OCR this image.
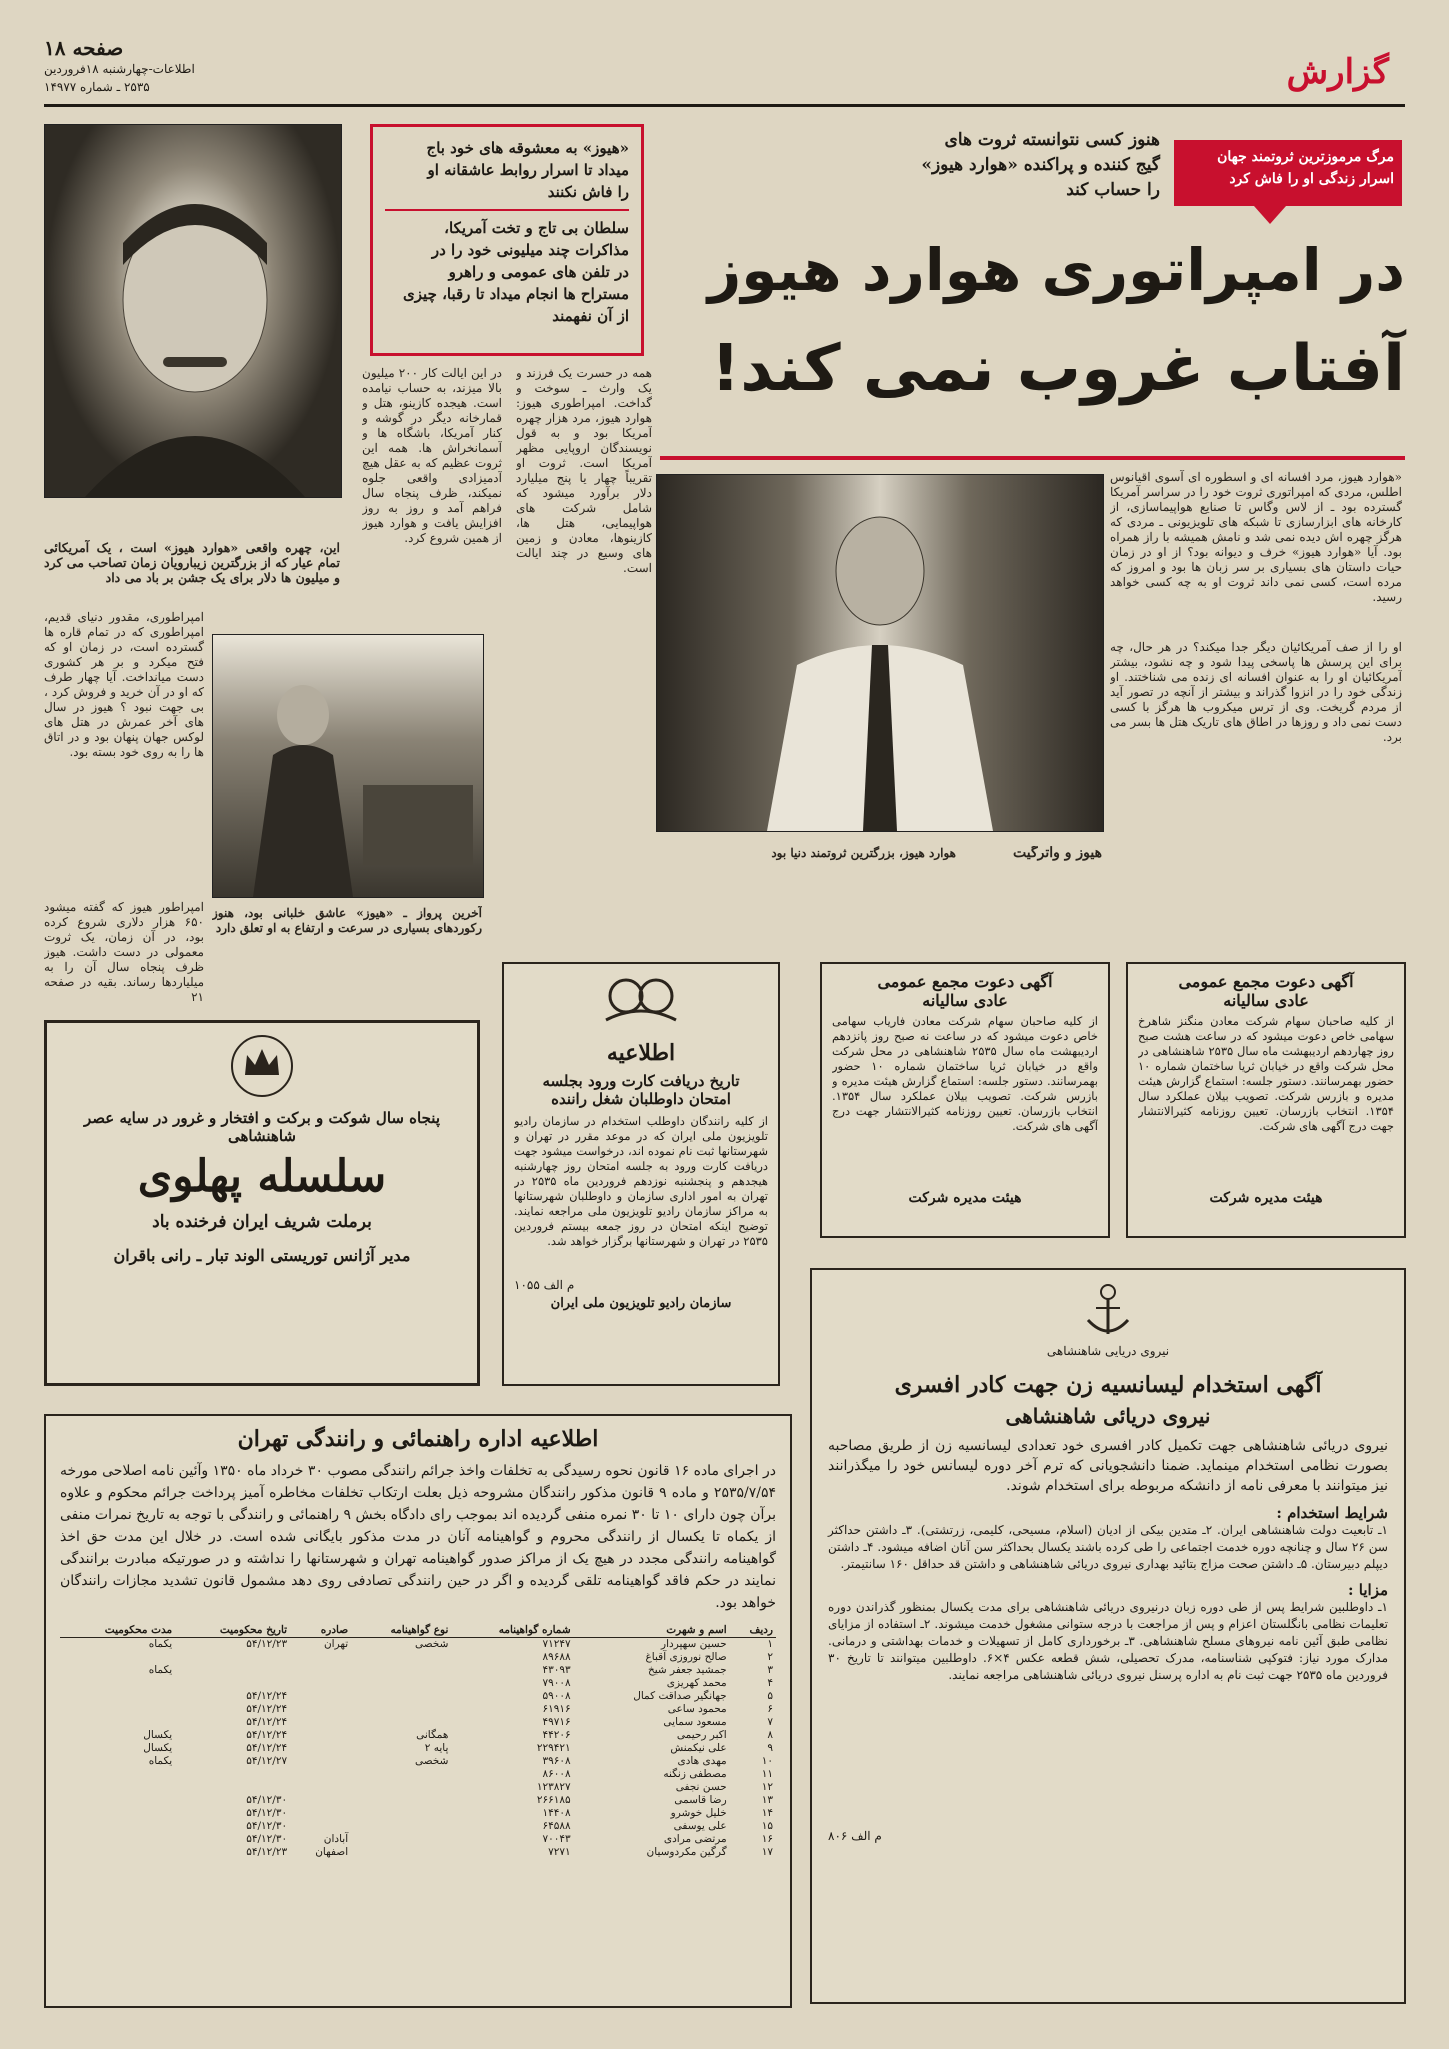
صفحه ۱۸
اطلاعات-چهارشنبه ۱۸فروردین
۲۵۳۵ ـ شماره ۱۴۹۷۷	گزارش
این، چهره واقعی «هوارد هیوز» است ، یک آمریکائی تمام عیار که از بزرگترین زیبارویان زمان تصاحب می کرد و میلیون ها دلار برای یک جشن بر باد می داد
«هیوز» به معشوقه های خود باج
میداد تا اسرار روابط عاشقانه او
را فاش نکنند
سلطان بی تاج و تخت آمریکا،
مذاکرات چند میلیونی خود را در
در تلفن های عمومی و راهرو
مستراح ها انجام میداد تا رقبا، چیزی
از آن نفهمند
مرگ مرموزترین ثروتمند جهان
اسرار زندگی او را فاش کرد
هنوز کسی نتوانسته ثروت های
گیج کننده و پراکنده «هوارد هیوز»
را حساب کند
در امپراتوری هوارد هیوز
آفتاب غروب نمی کند!
در این ایالت کار ۲۰۰ میلیون بالا میزند، به حساب نیامده است. هیجده کازینو، هتل و قمارخانه دیگر در گوشه و کنار آمریکا، باشگاه ها و آسمانخراش ها. همه این ثروت عظیم که به عقل هیچ آدمیزادی واقعی جلوه نمیکند، ظرف پنجاه سال فراهم آمد و روز به روز افزایش یافت و هوارد هیوز از همین شروع کرد.
همه در حسرت یک فرزند و یک وارث ـ سوخت و گداخت. امپراطوری هیوز: هوارد هیوز، مرد هزار چهره آمریکا بود و به قول نویسندگان اروپایی مظهر آمریکا است. ثروت او تقریباً چهار یا پنج میلیارد دلار برآورد میشود که شامل شرکت های هواپیمایی، هتل ها، کازینوها، معادن و زمین های وسیع در چند ایالت است.
«هوارد هیوز، مرد افسانه ای و اسطوره ای آسوی اقیانوس اطلس، مردی که امپراتوری ثروت خود را در سراسر آمریکا گسترده بود ـ از لاس وگاس تا صنایع هواپیماسازی، از کارخانه های ابزارسازی تا شبکه های تلویزیونی ـ مردی که هرگز چهره اش دیده نمی شد و نامش همیشه با راز همراه بود. آیا «هوارد هیوز» خرف و دیوانه بود؟ از او در زمان حیات داستان های بسیاری بر سر زبان ها بود و امروز که مرده است، کسی نمی داند ثروت او به چه کسی خواهد رسید.
او را از صف آمریکائیان دیگر جدا میکند؟ در هر حال، چه برای این پرسش ها پاسخی پیدا شود و چه نشود، بیشتر آمریکائیان او را به عنوان افسانه ای زنده می شناختند. او زندگی خود را در انزوا گذراند و بیشتر از آنچه در تصور آید از مردم گریخت. وی از ترس میکروب ها هرگز با کسی دست نمی داد و روزها در اطاق های تاریک هتل ها بسر می برد.
امپراطوری، مقدور دنیای قدیم، امپراطوری که در تمام قاره ها گسترده است، در زمان او که فتح میکرد و بر هر کشوری دست میانداخت. آیا چهار طرف که او در آن خرید و فروش کرد ، بی جهت نبود ؟ هیوز در سال های آخر عمرش در هتل های لوکس جهان پنهان بود و در اتاق ها را به روی خود بسته بود.
آخرین پرواز ـ «هیوز» عاشق خلبانی بود، هنوز رکوردهای بسیاری در سرعت و ارتفاع به او تعلق دارد
هیوز و واترگیت
هوارد هیوز، بزرگترین ثروتمند دنیا بود
امپراطور هیوز که گفته میشود ۶۵۰ هزار دلاری شروع کرده بود، در آن زمان، یک ثروت معمولی در دست داشت. هیوز ظرف پنجاه سال آن را به میلیاردها رساند. بقیه در صفحه ۲۱
آگهی دعوت مجمع عمومی
عادی سالیانه
از کلیه صاحبان سهام شرکت معادن منگنز شاهرخ سهامی خاص دعوت میشود که در ساعت هشت صبح روز چهاردهم اردیبهشت ماه سال ۲۵۳۵ شاهنشاهی در محل شرکت واقع در خیابان ثریا ساختمان شماره ۱۰ حضور بهمرسانند. دستور جلسه: استماع گزارش هیئت مدیره و بازرس شرکت. تصویب بیلان عملکرد سال ۱۳۵۴. انتخاب بازرسان. تعیین روزنامه کثیرالانتشار جهت درج آگهی های شرکت.
هیئت مدیره شرکت
آگهی دعوت مجمع عمومی
عادی سالیانه
از کلیه صاحبان سهام شرکت معادن فاریاب سهامی خاص دعوت میشود که در ساعت نه صبح روز پانزدهم اردیبهشت ماه سال ۲۵۳۵ شاهنشاهی در محل شرکت واقع در خیابان ثریا ساختمان شماره ۱۰ حضور بهمرسانند. دستور جلسه: استماع گزارش هیئت مدیره و بازرس شرکت. تصویب بیلان عملکرد سال ۱۳۵۴. انتخاب بازرسان. تعیین روزنامه کثیرالانتشار جهت درج آگهی های شرکت.
هیئت مدیره شرکت
اطلاعیه
تاریخ دریافت کارت ورود بجلسه
امتحان داوطلبان شغل راننده
از کلیه رانندگان داوطلب استخدام در سازمان رادیو تلویزیون ملی ایران که در موعد مقرر در تهران و شهرستانها ثبت نام نموده اند، درخواست میشود جهت دریافت کارت ورود به جلسه امتحان روز چهارشنبه هیجدهم و پنجشنبه نوزدهم فروردین ماه ۲۵۳۵ در تهران به امور اداری سازمان و داوطلبان شهرستانها به مراکز سازمان رادیو تلویزیون ملی مراجعه نمایند. توضیح اینکه امتحان در روز جمعه بیستم فروردین ۲۵۳۵ در تهران و شهرستانها برگزار خواهد شد.
م الف ۱۰۵۵
سازمان رادیو تلویزیون ملی ایران
پنجاه سال شوکت و برکت و افتخار و غرور در سایه عصر شاهنشاهی
سلسله پهلوی
برملت شریف ایران فرخنده باد
مدیر آژانس توریستی الوند تبار ـ رانی باقران
نیروی دریایی شاهنشاهی
آگهی استخدام لیسانسیه زن جهت کادر افسری
نیروی دریائی شاهنشاهی
نیروی دریائی شاهنشاهی جهت تکمیل کادر افسری خود تعدادی لیسانسیه زن از طریق مصاحبه بصورت نظامی استخدام مینماید. ضمنا دانشجویانی که ترم آخر دوره لیسانس خود را میگذرانند نیز میتوانند با معرفی نامه از دانشکه مربوطه برای استخدام شوند.
شرایط استخدام :
۱ـ تابعیت دولت شاهنشاهی ایران. ۲ـ متدین بیکی از ادیان (اسلام، مسیحی، کلیمی، زرتشتی). ۳ـ داشتن حداکثر سن ۲۶ سال و چنانچه دوره خدمت اجتماعی را طی کرده باشند یکسال بحداکثر سن آنان اضافه میشود. ۴ـ داشتن دیپلم دبیرستان. ۵ـ داشتن صحت مزاج بتائید بهداری نیروی دریائی شاهنشاهی و داشتن قد حداقل ۱۶۰ سانتیمتر.
مزایا :
۱ـ داوطلبین شرایط پس از طی دوره زبان درنیروی دریائی شاهنشاهی برای مدت یکسال بمنظور گذراندن دوره تعلیمات نظامی بانگلستان اعزام و پس از مراجعت با درجه ستوانی مشغول خدمت میشوند. ۲ـ استفاده از مزایای نظامی طبق آئین نامه نیروهای مسلح شاهنشاهی. ۳ـ برخورداری کامل از تسهیلات و خدمات بهداشتی و درمانی. مدارک مورد نیاز: فتوکپی شناسنامه، مدرک تحصیلی، شش قطعه عکس ۴×۶. داوطلبین میتوانند تا تاریخ ۳۰ فروردین ماه ۲۵۳۵ جهت ثبت نام به اداره پرسنل نیروی دریائی شاهنشاهی مراجعه نمایند.
م الف ۸۰۶
اطلاعیه اداره راهنمائی و رانندگی تهران
در اجرای ماده ۱۶ قانون نحوه رسیدگی به تخلفات واخذ جرائم رانندگی مصوب ۳۰ خرداد ماه ۱۳۵۰ وآئین نامه اصلاحی مورخه ۲۵۳۵/۷/۵۴ و ماده ۹ قانون مذکور رانندگان مشروحه ذیل بعلت ارتکاب تخلفات مخاطره آمیز پرداخت جرائم محکوم و علاوه برآن چون دارای ۱۰ تا ۳۰ نمره منفی گردیده اند بموجب رای دادگاه بخش ۹ راهنمائی و رانندگی با توجه به تاریخ نمرات منفی از یکماه تا یکسال از رانندگی محروم و گواهینامه آنان در مدت مذکور بایگانی شده است. در خلال این مدت حق اخذ گواهینامه رانندگی مجدد در هیچ یک از مراکز صدور گواهینامه تهران و شهرستانها را نداشته و در صورتیکه مبادرت برانندگی نمایند در حکم فاقد گواهینامه تلقی گردیده و اگر در حین رانندگی تصادفی روی دهد مشمول قانون تشدید مجازات رانندگان خواهد بود.
ردیف	اسم و شهرت	شماره گواهینامه	نوع گواهینامه	صادره	تاریخ محکومیت	مدت محکومیت
۱	حسین سهپردار	۷۱۲۴۷	شخصی	تهران	۵۴/۱۲/۲۳	یکماه
۲	صالح نوروزی آقباغ	۸۹۶۸۸				
۳	جمشید جعفر شیخ	۴۳۰۹۳				یکماه
۴	محمد کهریزی	۷۹۰۰۸				
۵	جهانگیر صداقت کمال	۵۹۰۰۸			۵۴/۱۲/۲۴	
۶	محمود ساعی	۶۱۹۱۶			۵۴/۱۲/۲۴	
۷	مسعود سمایی	۴۹۷۱۶			۵۴/۱۲/۲۴	
۸	اکبر رحیمی	۴۴۲۰۶	همگانی		۵۴/۱۲/۲۴	یکسال
۹	علی نیکمنش	۲۲۹۴۲۱	پایه ۲		۵۴/۱۲/۲۴	یکسال
۱۰	مهدی هادی	۳۹۶۰۸	شخصی		۵۴/۱۲/۲۷	یکماه
۱۱	مصطفی زنگنه	۸۶۰۰۸				
۱۲	حسن نجفی	۱۲۳۸۲۷				
۱۳	رضا قاسمی	۲۶۶۱۸۵			۵۴/۱۲/۳۰	
۱۴	خلیل خوشرو	۱۴۴۰۸			۵۴/۱۲/۳۰	
۱۵	علی یوسفی	۶۴۵۸۸			۵۴/۱۲/۳۰	
۱۶	مرتضی مرادی	۷۰۰۴۳		آبادان	۵۴/۱۲/۳۰	
۱۷	گرگین مکردوسیان	۷۲۷۱		اصفهان	۵۴/۱۲/۲۳	
